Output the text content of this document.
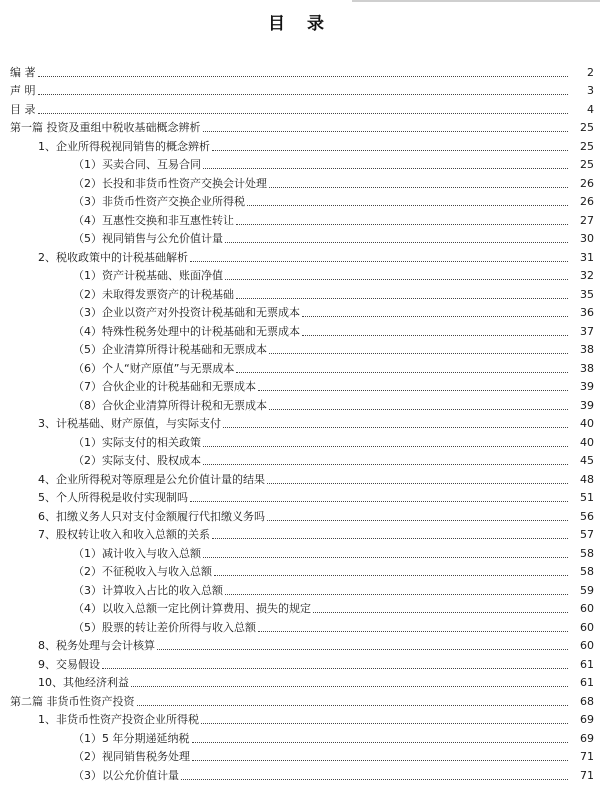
目 录
编 著	2
声 明	3
目 录	4
第一篇 投资及重组中税收基础概念辨析	25
1、企业所得税视同销售的概念辨析	25
（1）买卖合同、互易合同	25
（2）长投和非货币性资产交换会计处理	26
（3）非货币性资产交换企业所得税	26
（4）互惠性交换和非互惠性转让	27
（5）视同销售与公允价值计量	30
2、税收政策中的计税基础解析	31
（1）资产计税基础、账面净值	32
（2）未取得发票资产的计税基础	35
（3）企业以资产对外投资计税基础和无票成本	36
（4）特殊性税务处理中的计税基础和无票成本	37
（5）企业清算所得计税基础和无票成本	38
（6）个人“财产原值”与无票成本	38
（7）合伙企业的计税基础和无票成本	39
（8）合伙企业清算所得计税和无票成本	39
3、计税基础、财产原值，与实际支付	40
（1）实际支付的相关政策	40
（2）实际支付、股权成本	45
4、企业所得税对等原理是公允价值计量的结果	48
5、个人所得税是收付实现制吗	51
6、扣缴义务人只对支付金额履行代扣缴义务吗	56
7、股权转让收入和收入总额的关系	57
（1）减计收入与收入总额	58
（2）不征税收入与收入总额	58
（3）计算收入占比的收入总额	59
（4）以收入总额一定比例计算费用、损失的规定	60
（5）股票的转让差价所得与收入总额	60
8、税务处理与会计核算	60
9、交易假设	61
10、其他经济利益	61
第二篇 非货币性资产投资	68
1、非货币性资产投资企业所得税	69
（1）5 年分期递延纳税	69
（2）视同销售税务处理	71
（3）以公允价值计量	71
